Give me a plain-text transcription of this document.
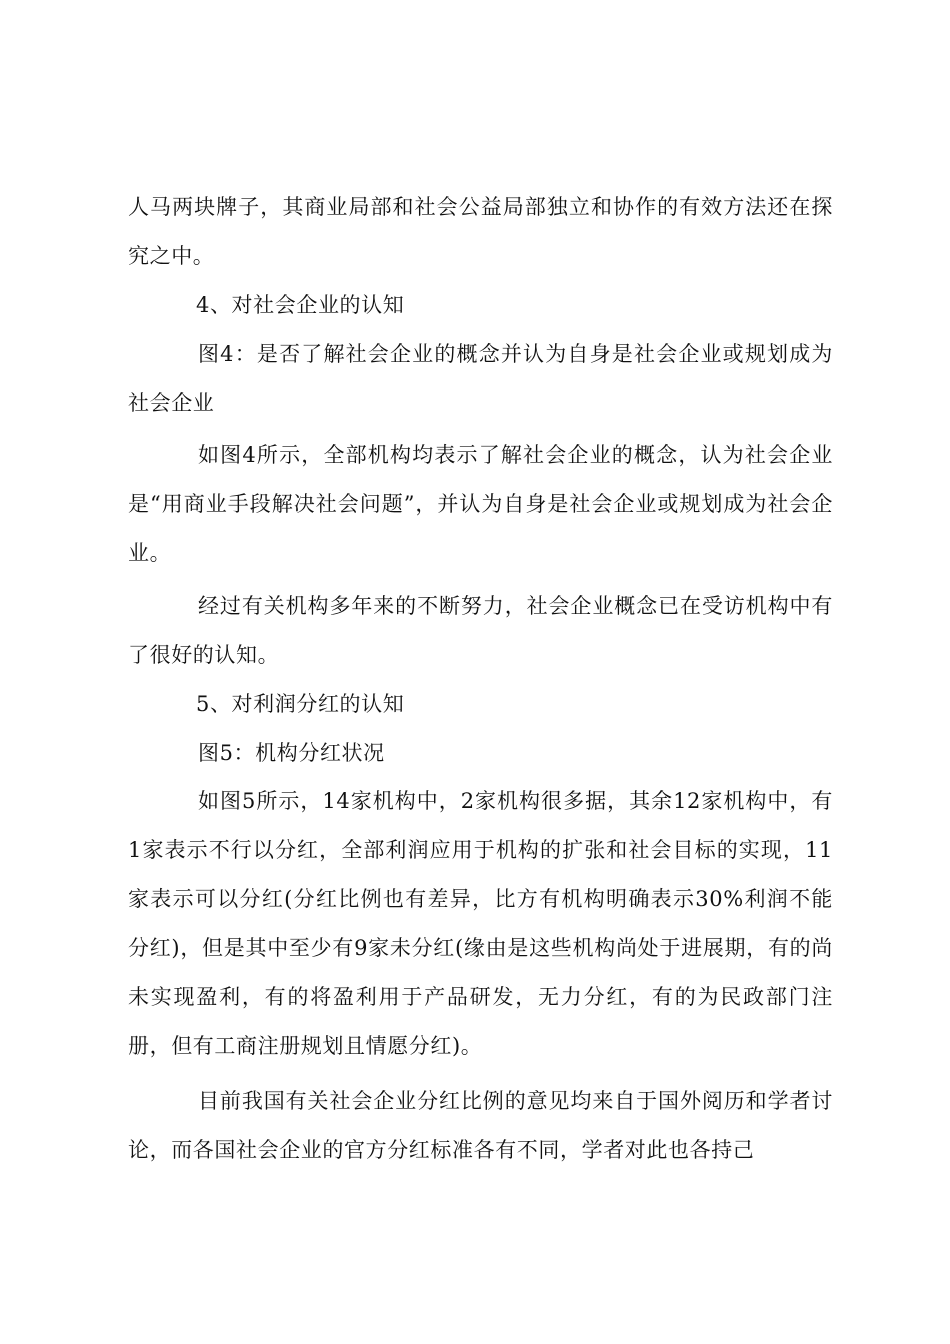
人马两块牌子，其商业局部和社会公益局部独立和协作的有效方法还在探究之中。

4、对社会企业的认知

图4：是否了解社会企业的概念并认为自身是社会企业或规划成为社会企业

如图4所示，全部机构均表示了解社会企业的概念，认为社会企业是“用商业手段解决社会问题”，并认为自身是社会企业或规划成为社会企业。

经过有关机构多年来的不断努力，社会企业概念已在受访机构中有了很好的认知。

5、对利润分红的认知

图5：机构分红状况

如图5所示，14家机构中，2家机构很多据，其余12家机构中，有1家表示不行以分红，全部利润应用于机构的扩张和社会目标的实现，11家表示可以分红(分红比例也有差异，比方有机构明确表示30%利润不能分红)，但是其中至少有9家未分红(缘由是这些机构尚处于进展期，有的尚未实现盈利，有的将盈利用于产品研发，无力分红，有的为民政部门注册，但有工商注册规划且情愿分红)。

目前我国有关社会企业分红比例的意见均来自于国外阅历和学者讨论，而各国社会企业的官方分红标准各有不同，学者对此也各持己
